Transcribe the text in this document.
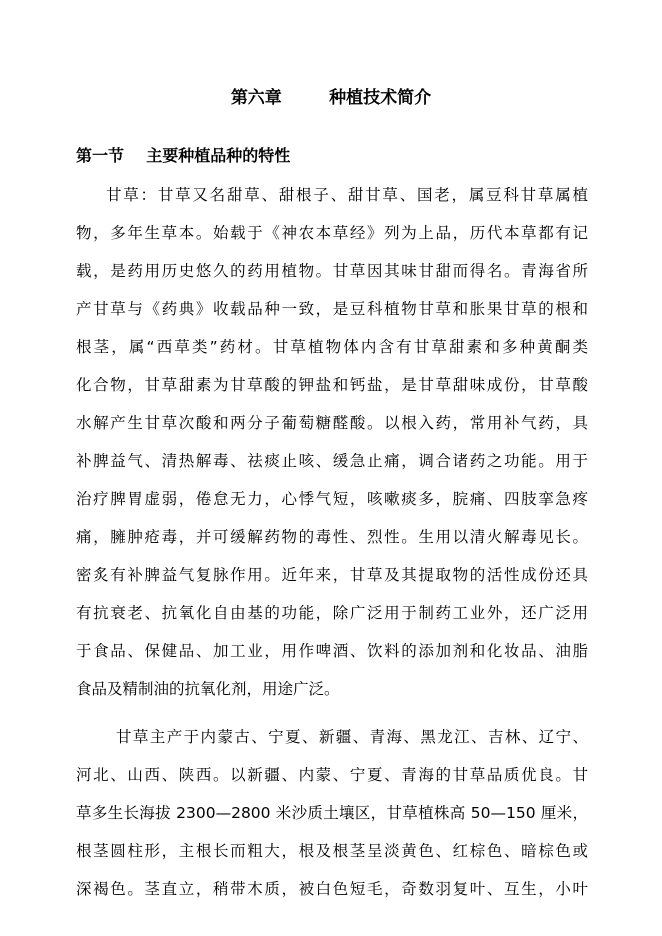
第六章        种植技术简介
第一节    主要种植品种的特性
甘草：甘草又名甜草、甜根子、甜甘草、国老，属豆科甘草属植
物，多年生草本。始载于《神农本草经》列为上品，历代本草都有记
载，是药用历史悠久的药用植物。甘草因其味甘甜而得名。青海省所
产甘草与《药典》收载品种一致，是豆科植物甘草和胀果甘草的根和
根茎，属“西草类”药材。甘草植物体内含有甘草甜素和多种黄酮类
化合物，甘草甜素为甘草酸的钾盐和钙盐，是甘草甜味成份，甘草酸
水解产生甘草次酸和两分子葡萄糖醛酸。以根入药，常用补气药，具
补脾益气、清热解毒、祛痰止咳、缓急止痛，调合诸药之功能。用于
治疗脾胃虚弱，倦怠无力，心悸气短，咳嗽痰多，脘痛、四肢挛急疼
痛，臃肿疮毒，并可缓解药物的毒性、烈性。生用以清火解毒见长。
密炙有补脾益气复脉作用。近年来，甘草及其提取物的活性成份还具
有抗衰老、抗氧化自由基的功能，除广泛用于制药工业外，还广泛用
于食品、保健品、加工业，用作啤酒、饮料的添加剂和化妆品、油脂
食品及精制油的抗氧化剂，用途广泛。
甘草主产于内蒙古、宁夏、新疆、青海、黑龙江、吉林、辽宁、
河北、山西、陕西。以新疆、内蒙、宁夏、青海的甘草品质优良。甘
草多生长海拔 2300—2800 米沙质土壤区，甘草植株高 50—150 厘米，
根茎圆柱形，主根长而粗大，根及根茎呈淡黄色、红棕色、暗棕色或
深褐色。茎直立，稍带木质，被白色短毛，奇数羽复叶、互生，小叶
